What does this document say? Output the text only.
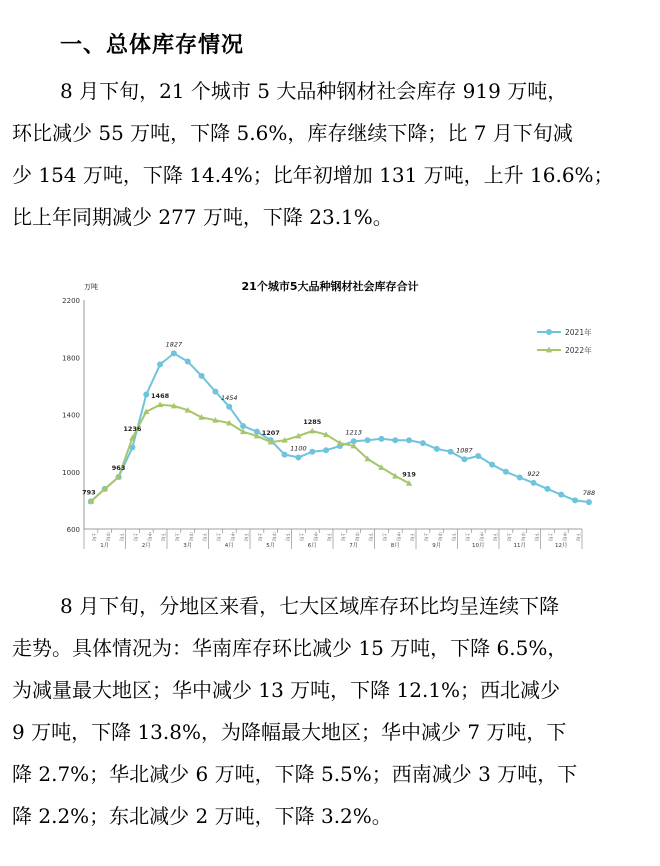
一、总体库存情况

8 月下旬，21 个城市 5 大品种钢材社会库存 919 万吨，
环比减少 55 万吨，下降 5.6%，库存继续下降；比 7 月下旬减
少 154 万吨，下降 14.4%；比年初增加 131 万吨，上升 16.6%；
比上年同期减少 277 万吨，下降 23.1%。

21个城市5大品种钢材社会库存合计
万吨
600
1000
1400
1800
2200
上旬	中旬	下旬	上旬	中旬	下旬	上旬	中旬	下旬	上旬	中旬	下旬	上旬	中旬	下旬	上旬	中旬	下旬	上旬	中旬	下旬	上旬	中旬	下旬	上旬	中旬	下旬	上旬	中旬	下旬	上旬	中旬	下旬	上旬	中旬	下旬
1月	2月	3月	4月	5月	6月	7月	8月	9月	10月	11月	12月
1827
1454
1100
1213
1087
922
788
793
963
1236
1468
1207
1285
919
2021年
2022年

8 月下旬，分地区来看，七大区域库存环比均呈连续下降
走势。具体情况为：华南库存环比减少 15 万吨，下降 6.5%，
为减量最大地区；华中减少 13 万吨，下降 12.1%；西北减少
9 万吨，下降 13.8%，为降幅最大地区；华中减少 7 万吨，下
降 2.7%；华北减少 6 万吨，下降 5.5%；西南减少 3 万吨，下
降 2.2%；东北减少 2 万吨，下降 3.2%。
